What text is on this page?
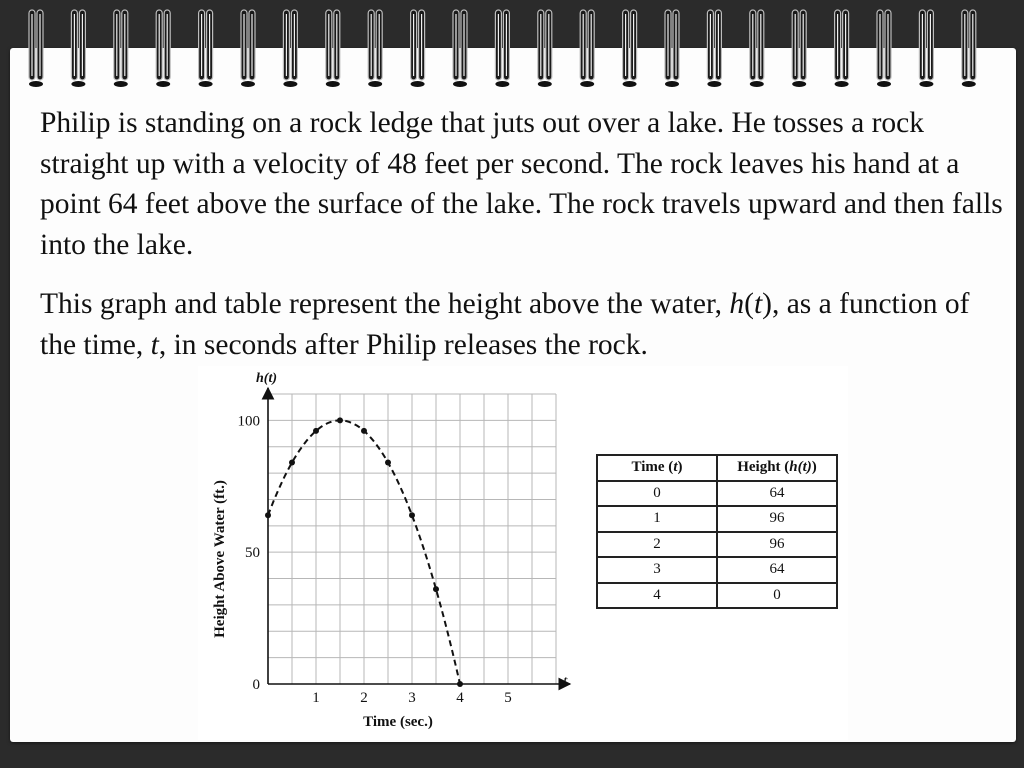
Philip is standing on a rock ledge that juts out over a lake. He tosses a rock straight up with a velocity of 48 feet per second. The rock leaves his hand at a point 64 feet above the surface of the lake. The rock travels upward and then falls into the lake.

This graph and table represent the height above the water, h(t), as a function of the time, t, in seconds after Philip releases the rock.

1	2	3	4	5
0
50
100
h(t)
t
Time (sec.)
Height Above Water (ft.)
Time (t)	Height (h(t))
0	64
1	96
2	96
3	64
4	0
